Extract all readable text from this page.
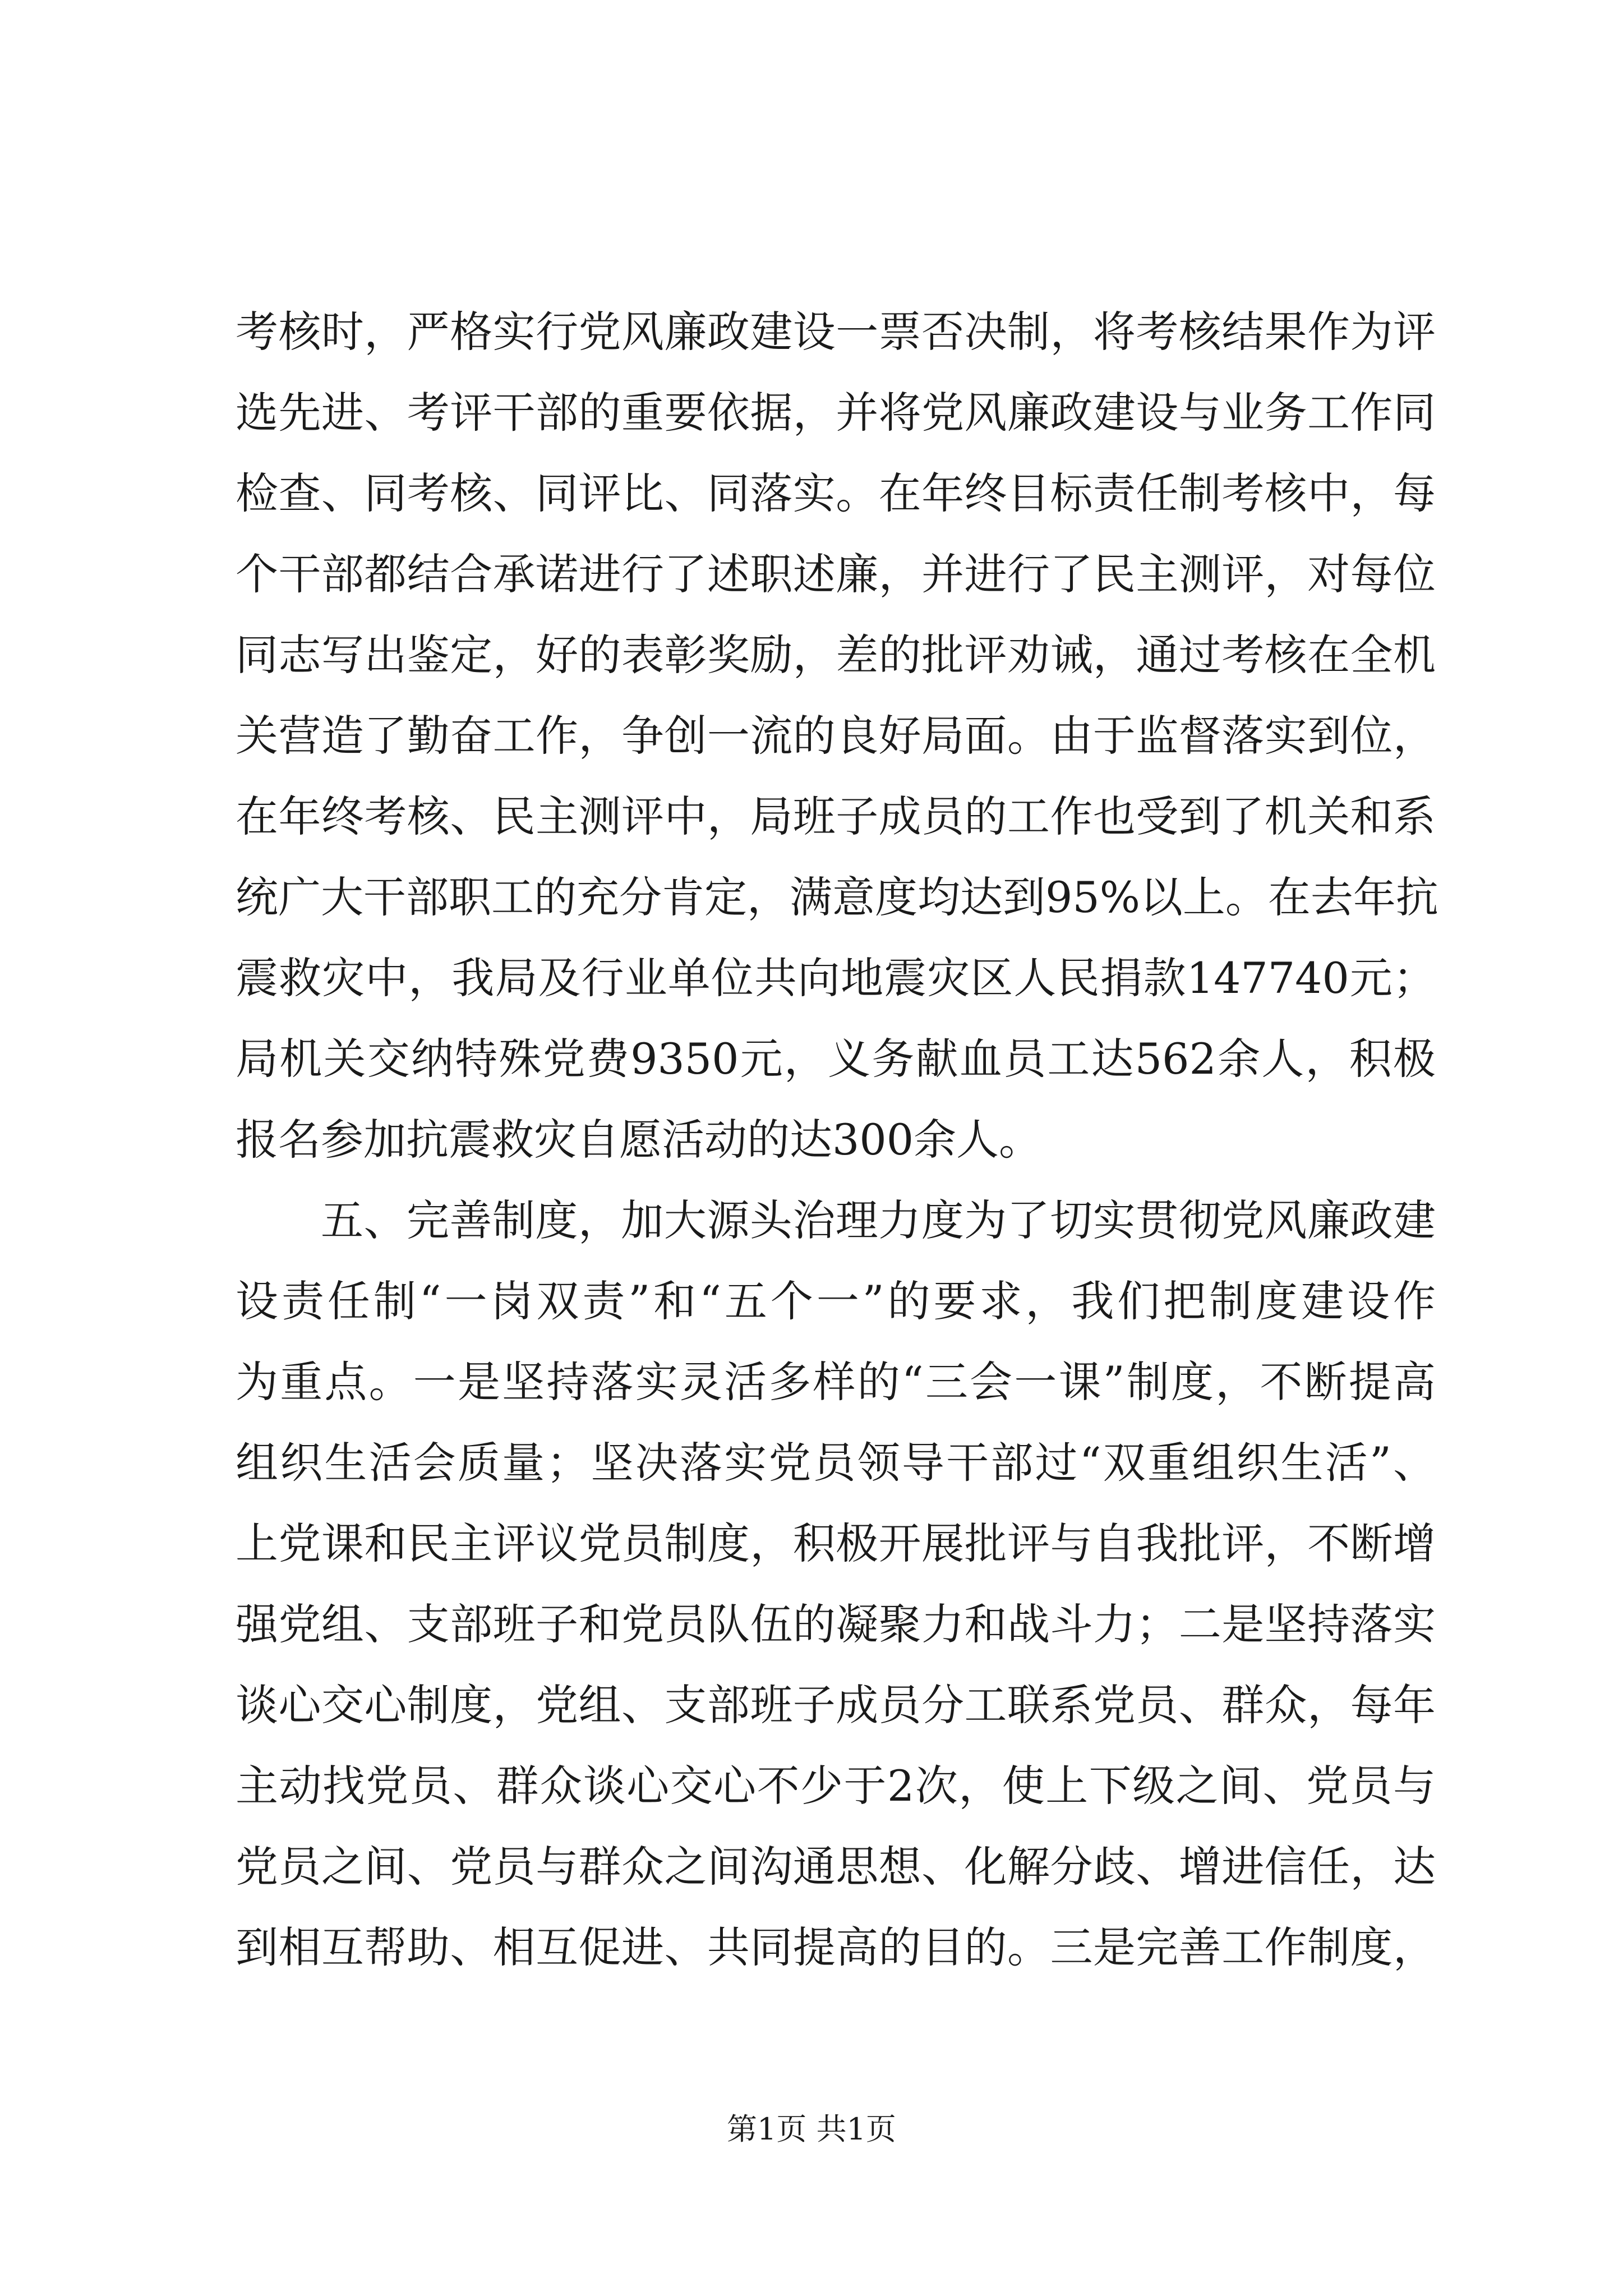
考核时，严格实行党风廉政建设一票否决制，将考核结果作为评
选先进、考评干部的重要依据，并将党风廉政建设与业务工作同
检查、同考核、同评比、同落实。在年终目标责任制考核中，每
个干部都结合承诺进行了述职述廉，并进行了民主测评，对每位
同志写出鉴定，好的表彰奖励，差的批评劝诫，通过考核在全机
关营造了勤奋工作，争创一流的良好局面。由于监督落实到位，
在年终考核、民主测评中，局班子成员的工作也受到了机关和系
统广大干部职工的充分肯定，满意度均达到95%以上。在去年抗
震救灾中，我局及行业单位共向地震灾区人民捐款147740元；
局机关交纳特殊党费9350元，义务献血员工达562余人，积极
报名参加抗震救灾自愿活动的达300余人。
五、完善制度，加大源头治理力度为了切实贯彻党风廉政建
设责任制“一岗双责”和“五个一”的要求，我们把制度建设作
为重点。一是坚持落实灵活多样的“三会一课”制度，不断提高
组织生活会质量；坚决落实党员领导干部过“双重组织生活”、
上党课和民主评议党员制度，积极开展批评与自我批评，不断增
强党组、支部班子和党员队伍的凝聚力和战斗力；二是坚持落实
谈心交心制度，党组、支部班子成员分工联系党员、群众，每年
主动找党员、群众谈心交心不少于2次，使上下级之间、党员与
党员之间、党员与群众之间沟通思想、化解分歧、增进信任，达
到相互帮助、相互促进、共同提高的目的。三是完善工作制度，
第1页 共1页
